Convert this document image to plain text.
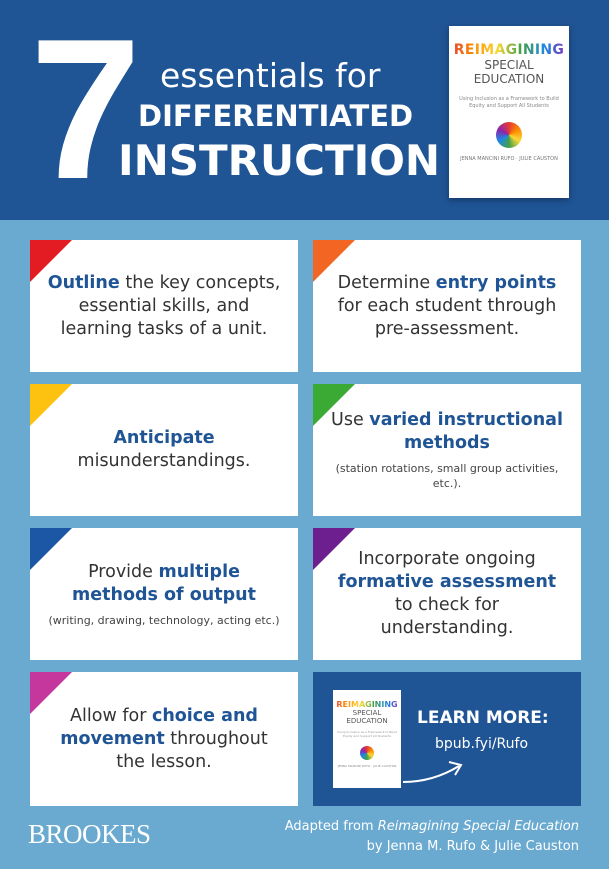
7 essentials for
DIFFERENTIATED
INSTRUCTION
REIMAGINING
SPECIAL EDUCATION
Using Inclusion as a Framework to Build Equity and Support All Students
JENNA MANCINI RUFO · JULIE CAUSTON
Outline the key concepts, essential skills, and learning tasks of a unit.
Determine entry points for each student through pre-assessment.
Anticipate
misunderstandings.
Use varied instructional methods
(station rotations, small group activities, etc.).
Provide multiple methods of output
(writing, drawing, technology, acting etc.)
Incorporate ongoing formative assessment to check for understanding.
Allow for choice and movement throughout the lesson.
REIMAGINING
SPECIAL EDUCATION
Using Inclusion as a Framework to Build Equity and Support All Students
JENNA MANCINI RUFO · JULIE CAUSTON
LEARN MORE:
bpub.fyi/Rufo
BROOKES	Adapted from Reimagining Special Education
by Jenna M. Rufo & Julie Causton
